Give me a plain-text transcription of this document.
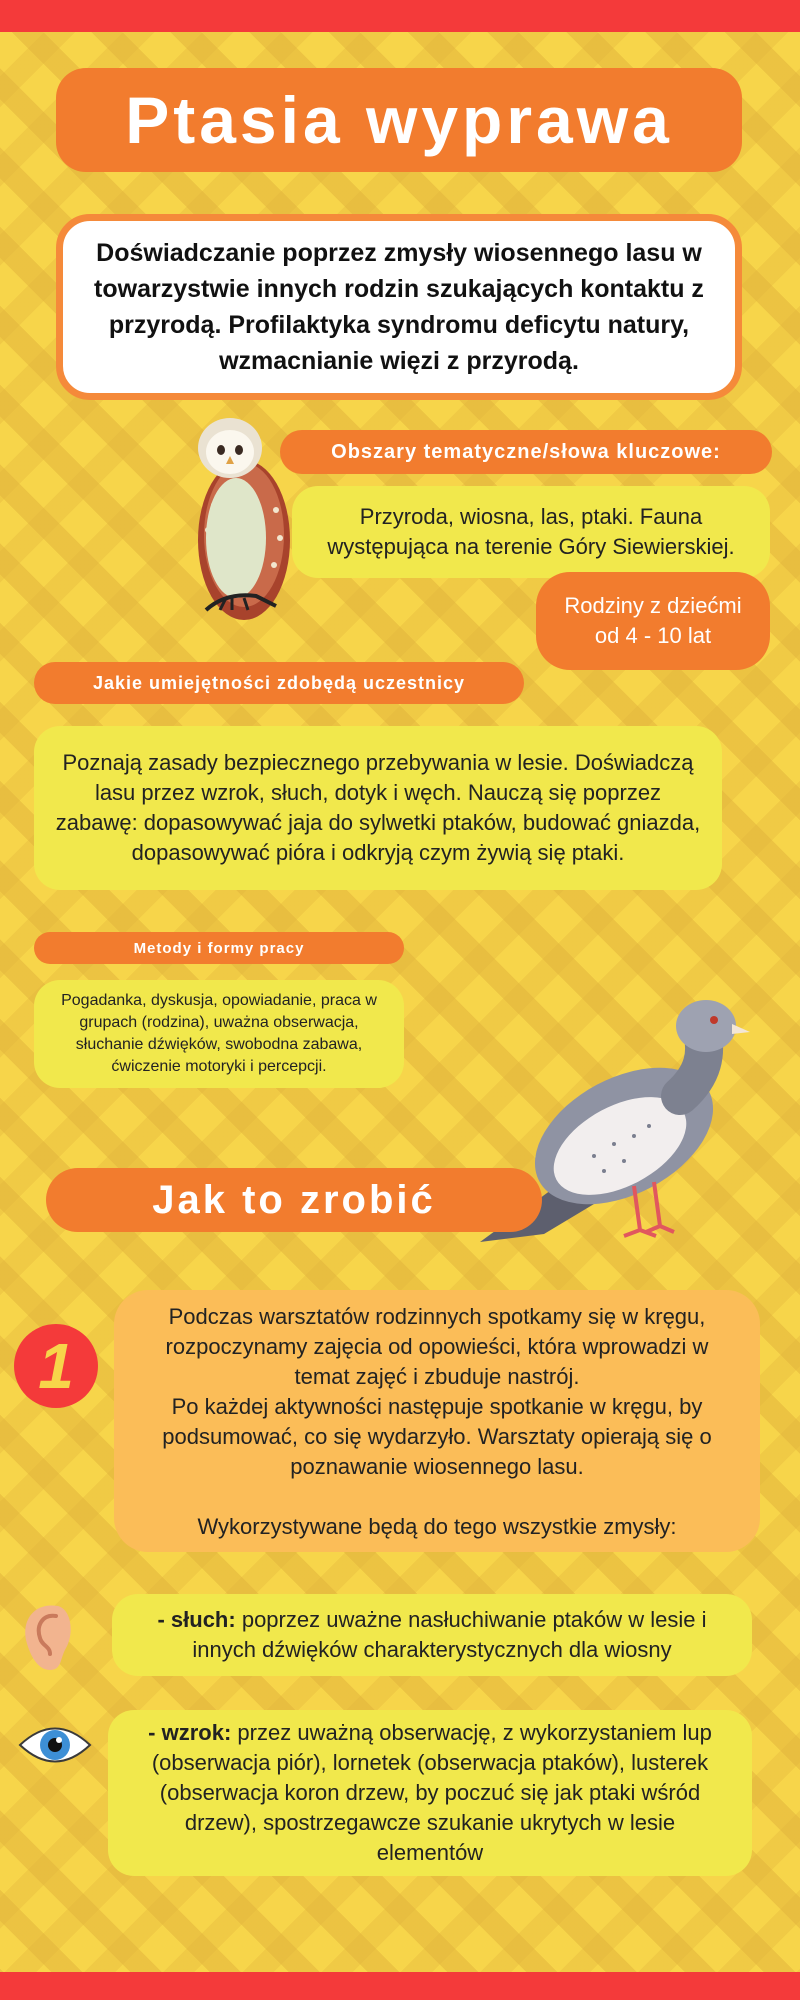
Ptasia wyprawa
Doświadczanie poprzez zmysły wiosennego lasu w towarzystwie innych rodzin szukających kontaktu z przyrodą. Profilaktyka syndromu deficytu natury, wzmacnianie więzi z przyrodą.
Obszary tematyczne/słowa kluczowe:
Przyroda, wiosna, las, ptaki. Fauna występująca na terenie Góry Siewierskiej.
Rodziny z dziećmi
od 4 - 10 lat
Jakie umiejętności zdobędą uczestnicy
Poznają zasady bezpiecznego przebywania w lesie. Doświadczą lasu przez wzrok, słuch, dotyk i węch. Nauczą się poprzez zabawę: dopasowywać jaja do sylwetki ptaków, budować gniazda, dopasowywać pióra i odkryją czym żywią się ptaki.
Metody i formy pracy
Pogadanka, dyskusja, opowiadanie, praca w grupach (rodzina), uważna obserwacja, słuchanie dźwięków, swobodna zabawa, ćwiczenie motoryki i percepcji.
Jak to zrobić
1
Podczas warsztatów rodzinnych spotkamy się w kręgu, rozpoczynamy zajęcia od opowieści, która wprowadzi w temat zajęć i zbuduje nastrój.
Po każdej aktywności następuje spotkanie w kręgu, by podsumować, co się wydarzyło. Warsztaty opierają się o poznawanie wiosennego lasu.
Wykorzystywane będą do tego wszystkie zmysły:
- słuch: poprzez uważne nasłuchiwanie ptaków w lesie i innych dźwięków charakterystycznych dla wiosny
- wzrok: przez uważną obserwację, z wykorzystaniem lup (obserwacja piór), lornetek (obserwacja ptaków), lusterek (obserwacja koron drzew, by poczuć się jak ptaki wśród drzew), spostrzegawcze szukanie ukrytych w lesie elementów
